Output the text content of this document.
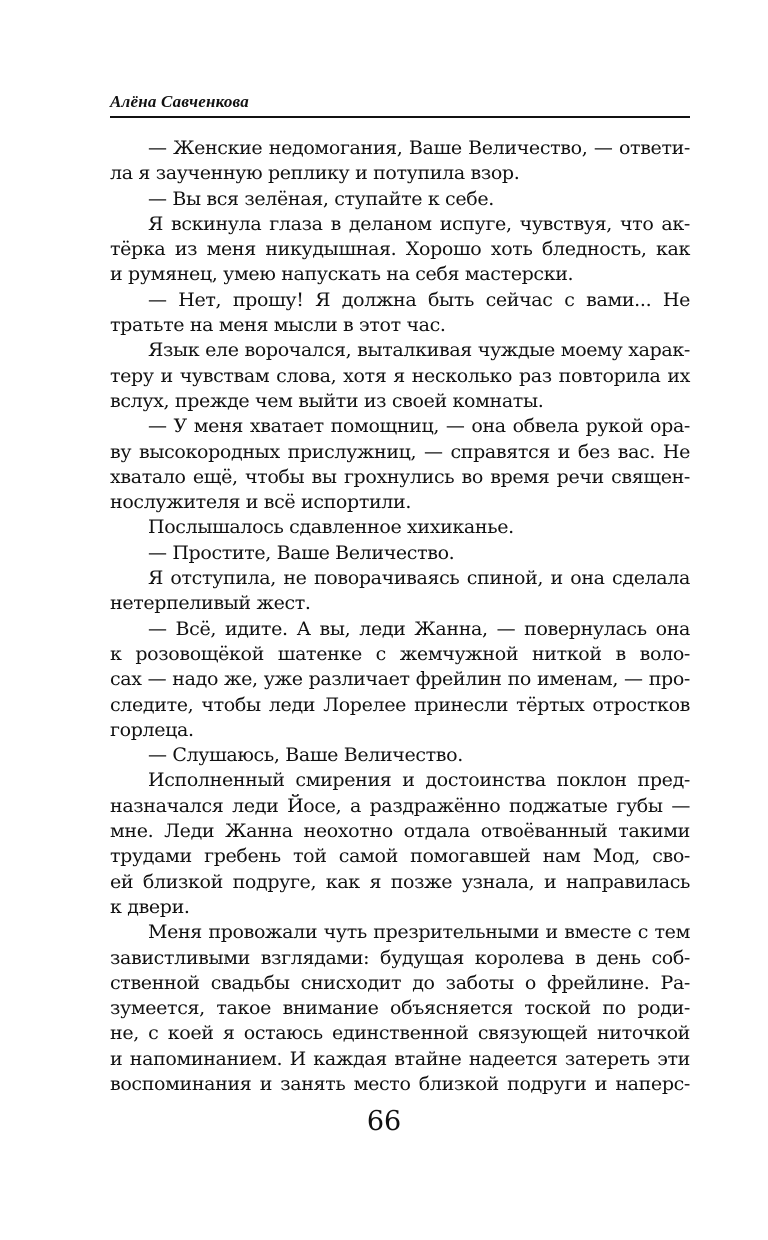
Алёна Савченкова
— Женские недомогания, Ваше Величество, — ответи-
ла я заученную реплику и потупила взор.
— Вы вся зелёная, ступайте к себе.
Я вскинула глаза в деланом испуге, чувствуя, что ак-
тёрка из меня никудышная. Хорошо хоть бледность, как
и румянец, умею напускать на себя мастерски.
— Нет, прошу! Я должна быть сейчас с вами... Не
тратьте на меня мысли в этот час.
Язык еле ворочался, выталкивая чуждые моему харак-
теру и чувствам слова, хотя я несколько раз повторила их
вслух, прежде чем выйти из своей комнаты.
— У меня хватает помощниц, — она обвела рукой ора-
ву высокородных прислужниц, — справятся и без вас. Не
хватало ещё, чтобы вы грохнулись во время речи священ-
нослужителя и всё испортили.
Послышалось сдавленное хихиканье.
— Простите, Ваше Величество.
Я отступила, не поворачиваясь спиной, и она сделала
нетерпеливый жест.
— Всё, идите. А вы, леди Жанна, — повернулась она
к розовощёкой шатенке с жемчужной ниткой в воло-
сах — надо же, уже различает фрейлин по именам, — про-
следите, чтобы леди Лорелее принесли тёртых отростков
горлеца.
— Слушаюсь, Ваше Величество.
Исполненный смирения и достоинства поклон пред-
назначался леди Йосе, а раздражённо поджатые губы —
мне. Леди Жанна неохотно отдала отвоёванный такими
трудами гребень той самой помогавшей нам Мод, сво-
ей близкой подруге, как я позже узнала, и направилась
к двери.
Меня провожали чуть презрительными и вместе с тем
завистливыми взглядами: будущая королева в день соб-
ственной свадьбы снисходит до заботы о фрейлине. Ра-
зумеется, такое внимание объясняется тоской по роди-
не, с коей я остаюсь единственной связующей ниточкой
и напоминанием. И каждая втайне надеется затереть эти
воспоминания и занять место близкой подруги и наперс-
66
